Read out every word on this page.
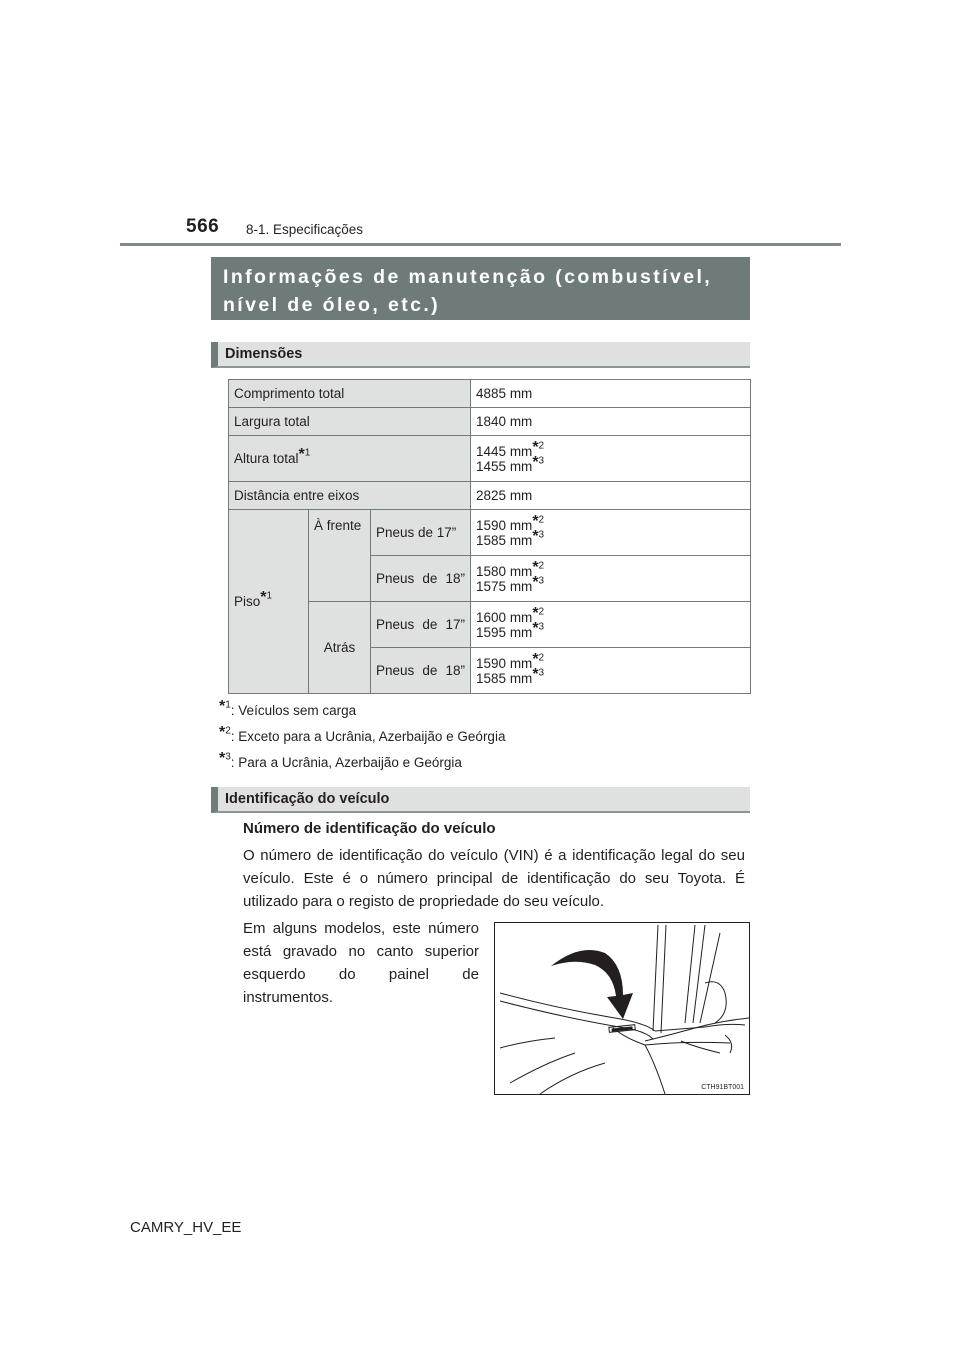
566 8-1. Especificações
Informações de manutenção (combustível,
nível de óleo, etc.)
Dimensões
Comprimento total			4885 mm
Largura total			1840 mm
Altura total$^{*^1}$			1445 $mm^{*^2}$
1455 $mm^{*^3}$

Distância entre eixos			2825 mm
Piso$^{*^1}$	À frente	Pneus de 17”	1590 $mm^{*^2}$
1585 $mm^{*^3}$

		Pneus de 18”	1580 $mm^{*^2}$
1575 $mm^{*^3}$

	Atrás	Pneus de 17”	1600 $mm^{*^2}$
1595 $mm^{*^3}$

		Pneus de 18”	1590 $mm^{*^2}$
1585 $mm^{*^3}$
$^{*^1}$: Veículos sem carga
$^{*^2}$: Exceto para a Ucrânia, Azerbaijão e Geórgia
$^{*^3}$: Para a Ucrânia, Azerbaijão e Geórgia
Identificação do veículo
Número de identificação do veículo
O número de identificação do veículo (VIN) é a identificação legal do seu veículo. Este é o número principal de identificação do seu Toyota. É utilizado para o registo de propriedade do seu veículo.
Em alguns modelos, este número está gravado no canto superior esquerdo do painel de instrumentos.
CTH91BT001
CAMRY_HV_EE
